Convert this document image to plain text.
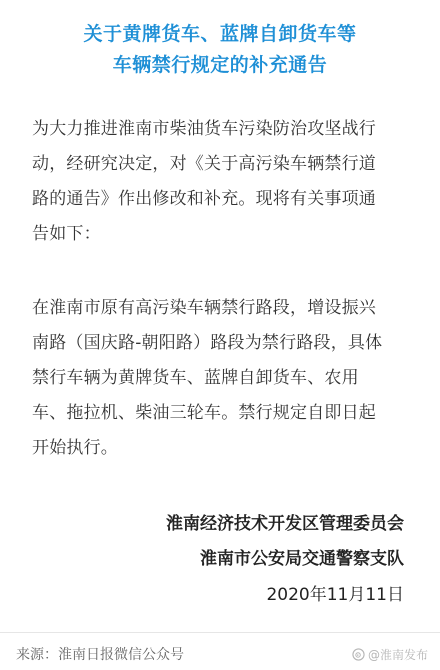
关于黄牌货车、蓝牌自卸货车等
车辆禁行规定的补充通告
为大力推进淮南市柴油货车污染防治攻坚战行
动，经研究决定，对《关于高污染车辆禁行道
路的通告》作出修改和补充。现将有关事项通
告如下：
在淮南市原有高污染车辆禁行路段，增设振兴
南路（国庆路-朝阳路）路段为禁行路段，具体
禁行车辆为黄牌货车、蓝牌自卸货车、农用
车、拖拉机、柴油三轮车。禁行规定自即日起
开始执行。
淮南经济技术开发区管理委员会
淮南市公安局交通警察支队
2020年11月11日
来源：淮南日报微信公众号	@淮南发布
